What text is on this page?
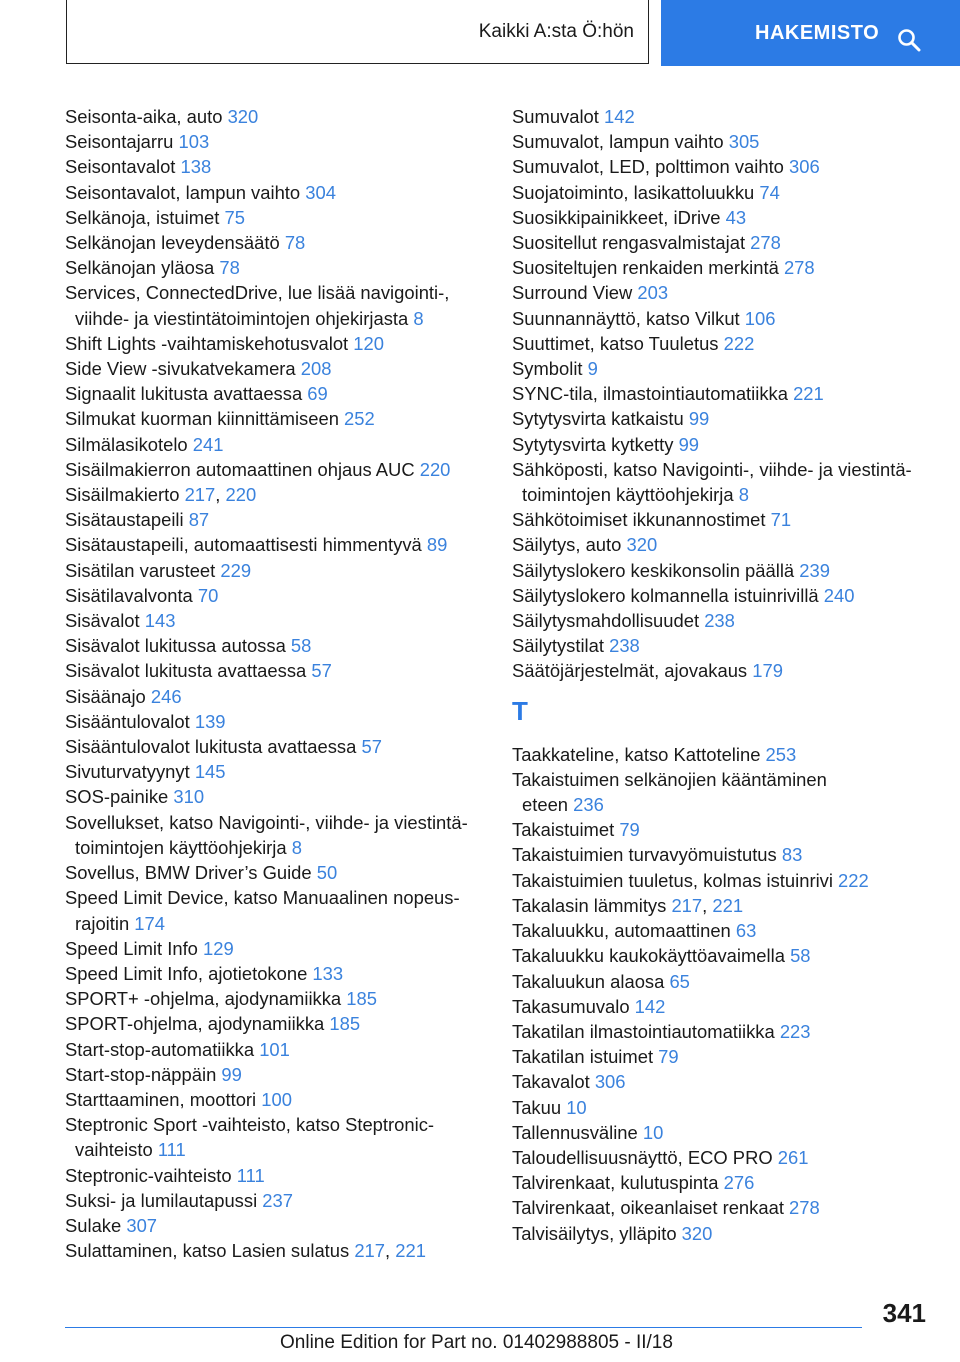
Kaikki A:sta Ö:hön	HAKEMISTO
Seisonta-aika, auto 320
Seisontajarru 103
Seisontavalot 138
Seisontavalot, lampun vaihto 304
Selkänoja, istuimet 75
Selkänojan leveydensäätö 78
Selkänojan yläosa 78
Services, ConnectedDrive, lue lisää navigointi-,
viihde- ja viestintätoimintojen ohjekirjasta 8
Shift Lights -vaihtamiskehotusvalot 120
Side View -sivukatvekamera 208
Signaalit lukitusta avattaessa 69
Silmukat kuorman kiinnittämiseen 252
Silmälasikotelo 241
Sisäilmakierron automaattinen ohjaus AUC 220
Sisäilmakierto 217, 220
Sisätaustapeili 87
Sisätaustapeili, automaattisesti himmentyvä 89
Sisätilan varusteet 229
Sisätilavalvonta 70
Sisävalot 143
Sisävalot lukitussa autossa 58
Sisävalot lukitusta avattaessa 57
Sisäänajo 246
Sisääntulovalot 139
Sisääntulovalot lukitusta avattaessa 57
Sivuturvatyynyt 145
SOS-painike 310
Sovellukset, katso Navigointi-, viihde- ja viestintä-
toimintojen käyttöohjekirja 8
Sovellus, BMW Driver’s Guide 50
Speed Limit Device, katso Manuaalinen nopeus-
rajoitin 174
Speed Limit Info 129
Speed Limit Info, ajotietokone 133
SPORT+ -ohjelma, ajodynamiikka 185
SPORT-ohjelma, ajodynamiikka 185
Start-stop-automatiikka 101
Start-stop-näppäin 99
Starttaaminen, moottori 100
Steptronic Sport -vaihteisto, katso Steptronic-
vaihteisto 111
Steptronic-vaihteisto 111
Suksi- ja lumilautapussi 237
Sulake 307
Sulattaminen, katso Lasien sulatus 217, 221
Sumuvalot 142
Sumuvalot, lampun vaihto 305
Sumuvalot, LED, polttimon vaihto 306
Suojatoiminto, lasikattoluukku 74
Suosikkipainikkeet, iDrive 43
Suositellut rengasvalmistajat 278
Suositeltujen renkaiden merkintä 278
Surround View 203
Suunnannäyttö, katso Vilkut 106
Suuttimet, katso Tuuletus 222
Symbolit 9
SYNC-tila, ilmastointiautomatiikka 221
Sytytysvirta katkaistu 99
Sytytysvirta kytketty 99
Sähköposti, katso Navigointi-, viihde- ja viestintä-
toimintojen käyttöohjekirja 8
Sähkötoimiset ikkunannostimet 71
Säilytys, auto 320
Säilytyslokero keskikonsolin päällä 239
Säilytyslokero kolmannella istuinrivillä 240
Säilytysmahdollisuudet 238
Säilytystilat 238
Säätöjärjestelmät, ajovakaus 179
T
Taakkateline, katso Kattoteline 253
Takaistuimen selkänojien kääntäminen
eteen 236
Takaistuimet 79
Takaistuimien turvavyömuistutus 83
Takaistuimien tuuletus, kolmas istuinrivi 222
Takalasin lämmitys 217, 221
Takaluukku, automaattinen 63
Takaluukku kaukokäyttöavaimella 58
Takaluukun alaosa 65
Takasumuvalo 142
Takatilan ilmastointiautomatiikka 223
Takatilan istuimet 79
Takavalot 306
Takuu 10
Tallennusväline 10
Taloudellisuusnäyttö, ECO PRO 261
Talvirenkaat, kulutuspinta 276
Talvirenkaat, oikeanlaiset renkaat 278
Talvisäilytys, ylläpito 320
341
Online Edition for Part no. 01402988805 - II/18
